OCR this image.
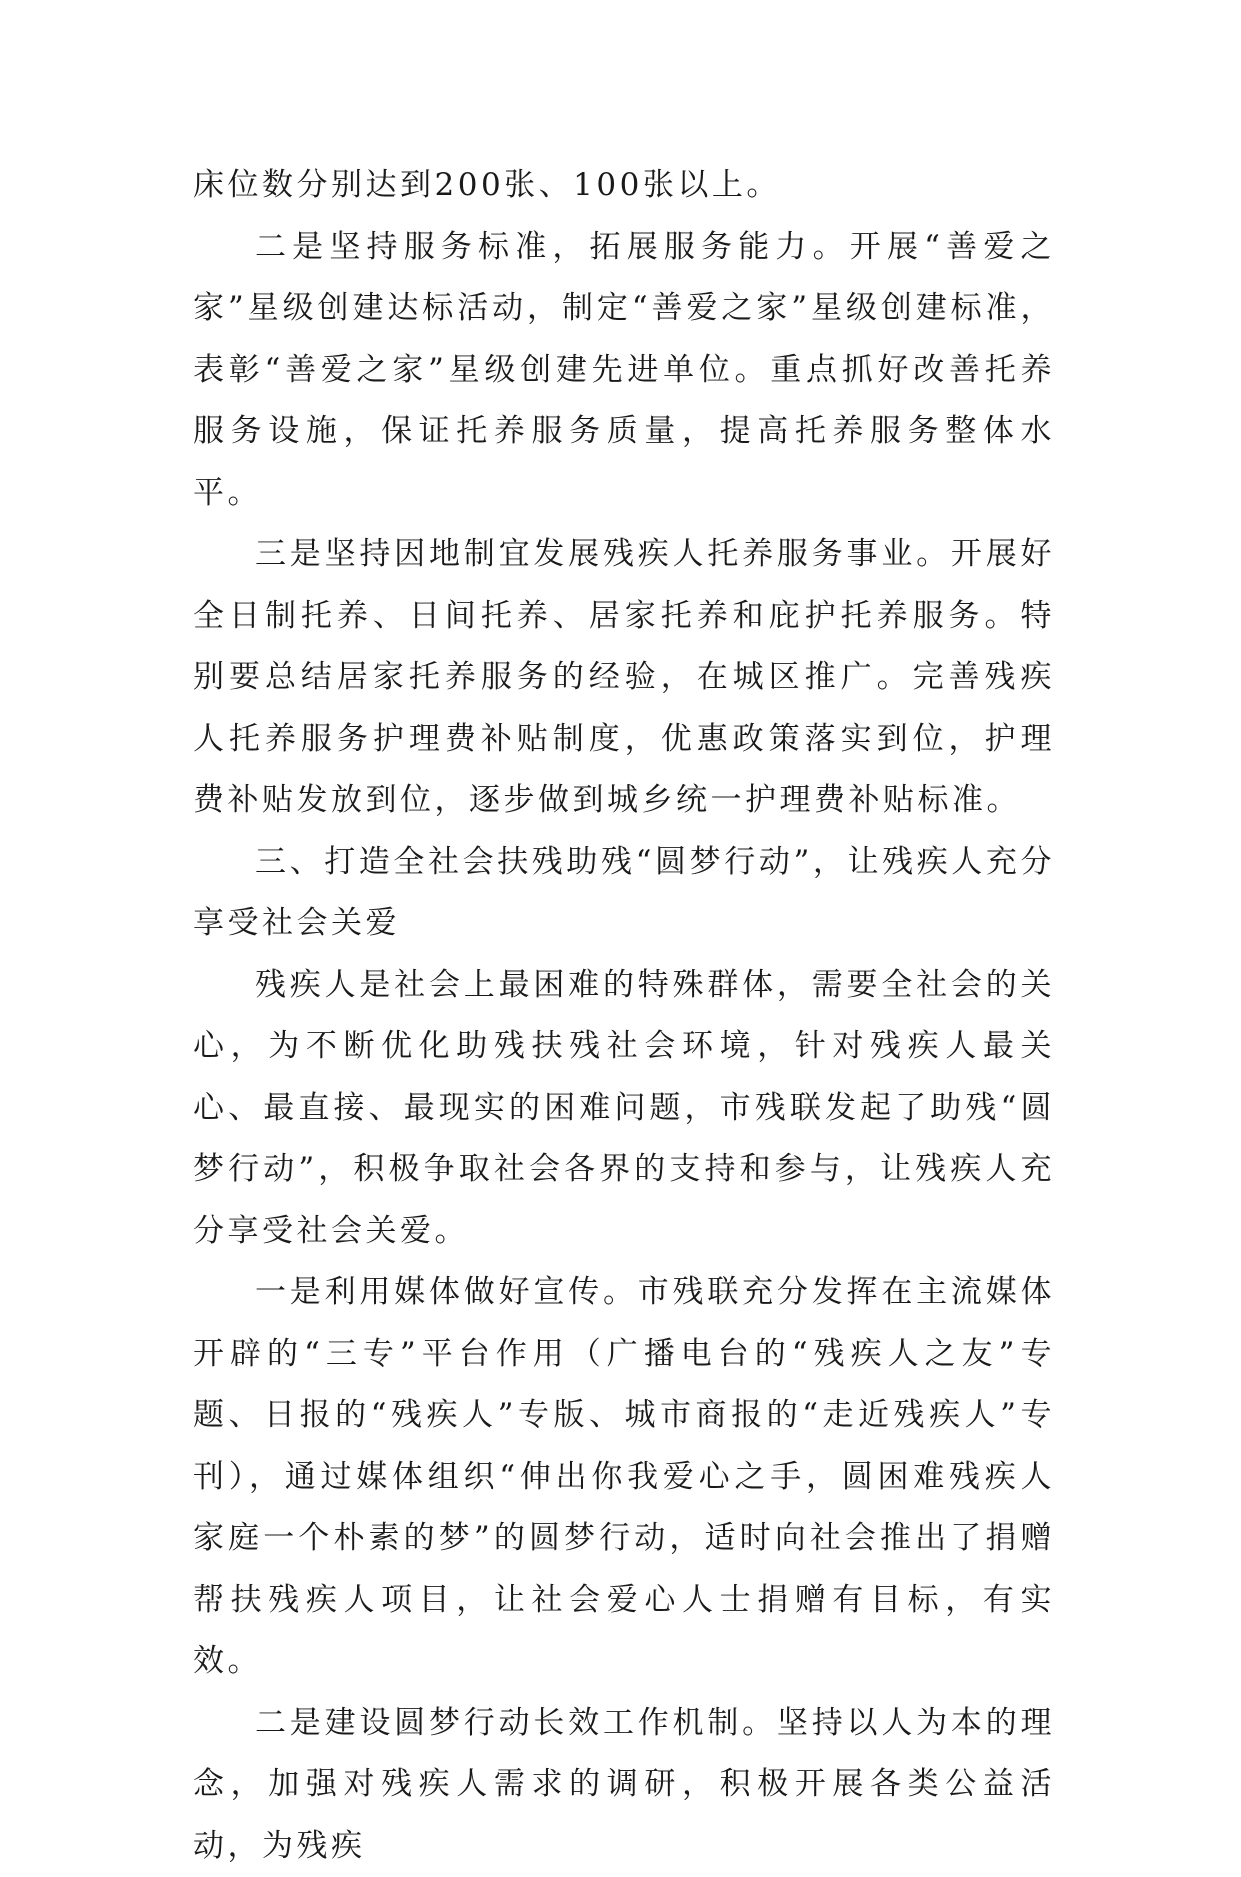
床位数分别达到200张、100张以上。

二是坚持服务标准，拓展服务能力。开展“善爱之家”星级创建达标活动，制定“善爱之家”星级创建标准，表彰“善爱之家”星级创建先进单位。重点抓好改善托养服务设施，保证托养服务质量，提高托养服务整体水平。

三是坚持因地制宜发展残疾人托养服务事业。开展好全日制托养、日间托养、居家托养和庇护托养服务。特别要总结居家托养服务的经验，在城区推广。完善残疾人托养服务护理费补贴制度，优惠政策落实到位，护理费补贴发放到位，逐步做到城乡统一护理费补贴标准。

三、打造全社会扶残助残“圆梦行动”，让残疾人充分享受社会关爱

残疾人是社会上最困难的特殊群体，需要全社会的关心，为不断优化助残扶残社会环境，针对残疾人最关心、最直接、最现实的困难问题，市残联发起了助残“圆梦行动”，积极争取社会各界的支持和参与，让残疾人充分享受社会关爱。

一是利用媒体做好宣传。市残联充分发挥在主流媒体开辟的“三专”平台作用（广播电台的“残疾人之友”专题、日报的“残疾人”专版、城市商报的“走近残疾人”专刊），通过媒体组织“伸出你我爱心之手，圆困难残疾人家庭一个朴素的梦”的圆梦行动，适时向社会推出了捐赠帮扶残疾人项目，让社会爱心人士捐赠有目标，有实效。

二是建设圆梦行动长效工作机制。坚持以人为本的理念，加强对残疾人需求的调研，积极开展各类公益活动，为残疾
